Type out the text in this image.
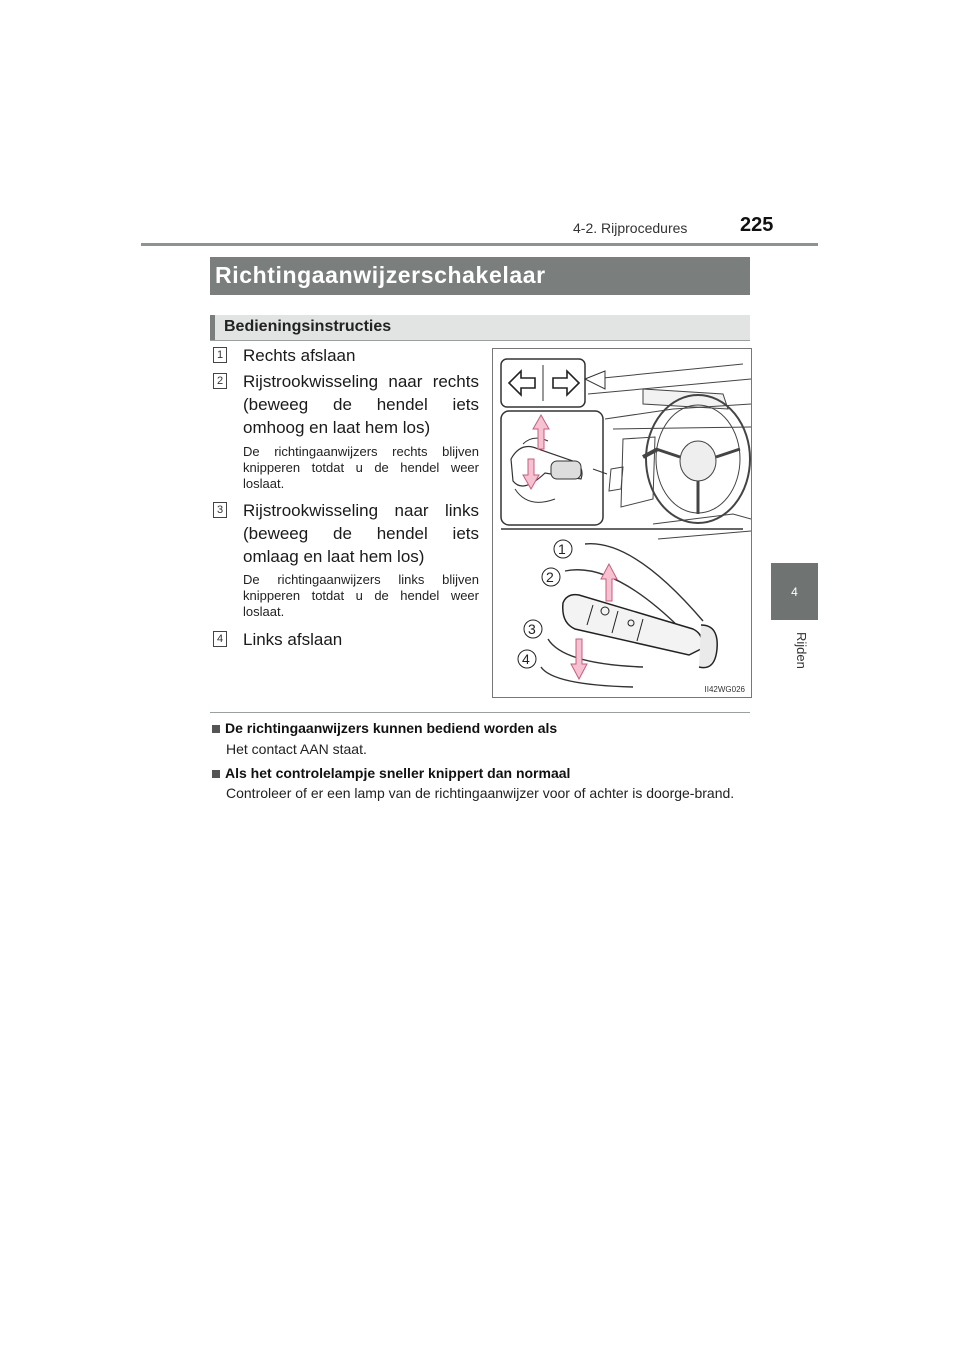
4-2. Rijprocedures	225
4
Rijden
Richtingaanwijzerschakelaar
Bedieningsinstructies
1 Rechts afslaan
2 Rijstrookwisseling naar rechts (beweeg de hendel iets omhoog en laat hem los)
De richtingaanwijzers rechts blijven knipperen totdat u de hendel weer loslaat.
3 Rijstrookwisseling naar links (beweeg de hendel iets omlaag en laat hem los)
De richtingaanwijzers links blijven knipperen totdat u de hendel weer loslaat.
4 Links afslaan
1
2
3
4
II42WG026
De richtingaanwijzers kunnen bediend worden als
Het contact AAN staat.
Als het controlelampje sneller knippert dan normaal
Controleer of er een lamp van de richtingaanwijzer voor of achter is doorge-brand.
